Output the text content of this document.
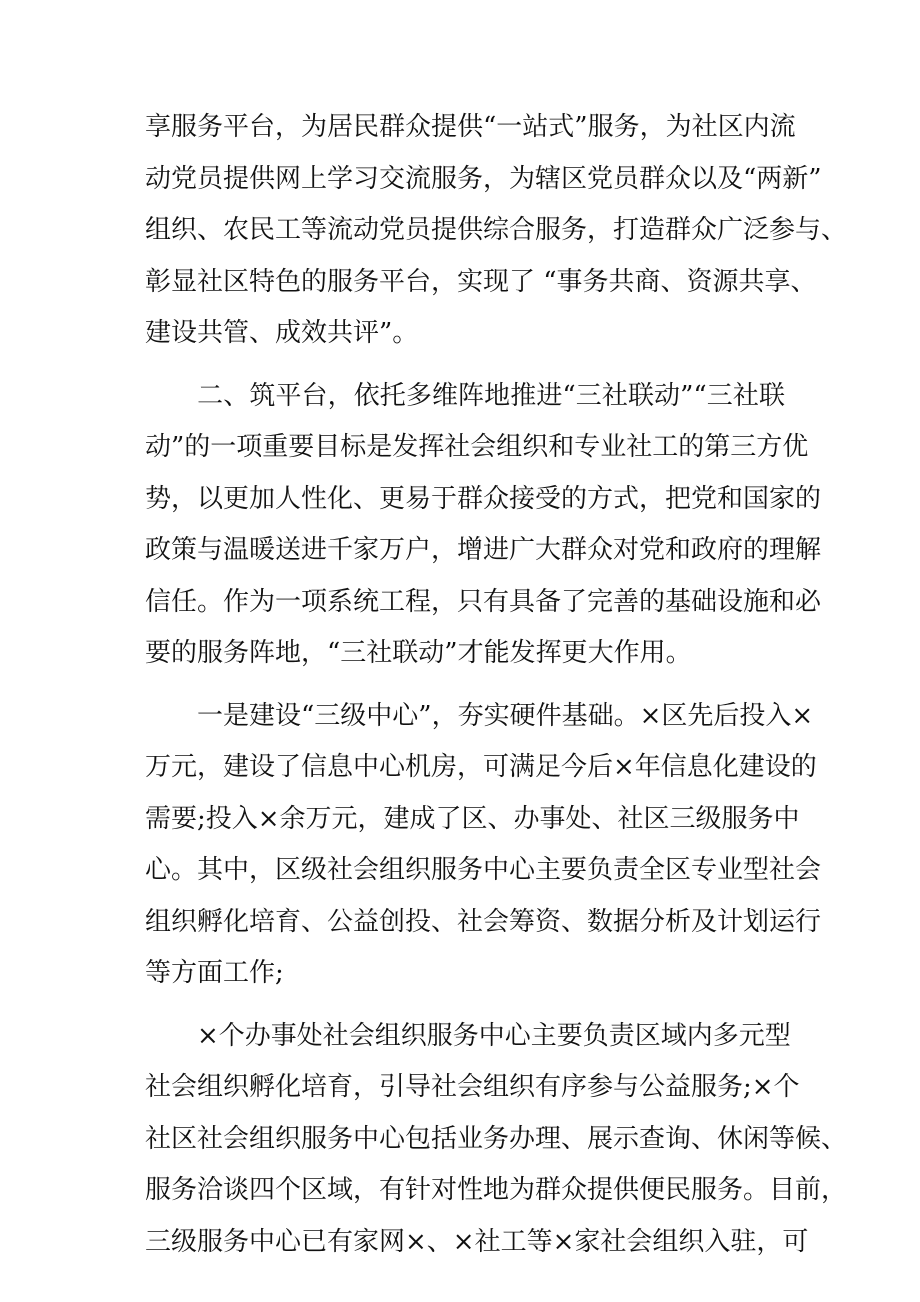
享服务平台，为居民群众提供“一站式”服务，为社区内流
动党员提供网上学习交流服务，为辖区党员群众以及“两新”
组织、农民工等流动党员提供综合服务，打造群众广泛参与、
彰显社区特色的服务平台，实现了 “事务共商、资源共享、
建设共管、成效共评”。
　　二、筑平台，依托多维阵地推进“三社联动”“三社联
动”的一项重要目标是发挥社会组织和专业社工的第三方优
势，以更加人性化、更易于群众接受的方式，把党和国家的
政策与温暖送进千家万户，增进广大群众对党和政府的理解
信任。作为一项系统工程，只有具备了完善的基础设施和必
要的服务阵地，“三社联动”才能发挥更大作用。
　　一是建设“三级中心”，夯实硬件基础。×区先后投入×
万元，建设了信息中心机房，可满足今后×年信息化建设的
需要;投入×余万元，建成了区、办事处、社区三级服务中
心。其中，区级社会组织服务中心主要负责全区专业型社会
组织孵化培育、公益创投、社会筹资、数据分析及计划运行
等方面工作;
　　×个办事处社会组织服务中心主要负责区域内多元型
社会组织孵化培育，引导社会组织有序参与公益服务;×个
社区社会组织服务中心包括业务办理、展示查询、休闲等候、
服务洽谈四个区域，有针对性地为群众提供便民服务。目前，
三级服务中心已有家网×、×社工等×家社会组织入驻，可
